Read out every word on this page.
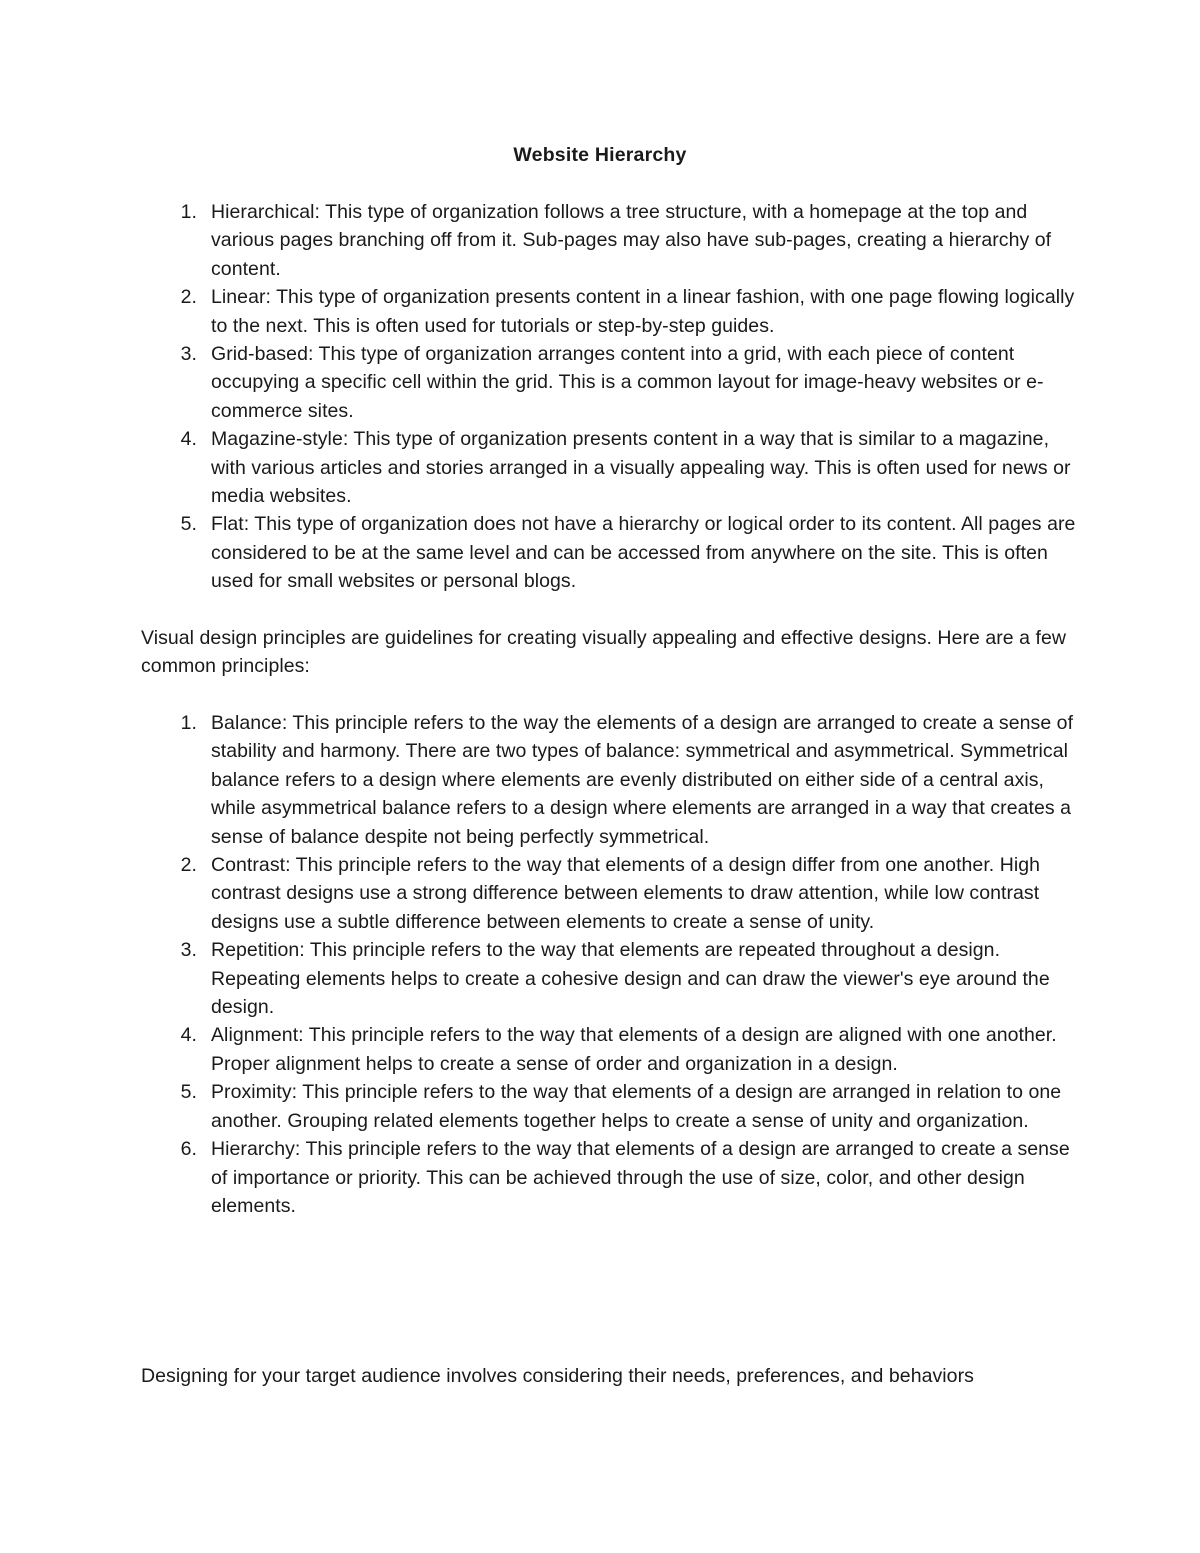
Website Hierarchy
1. Hierarchical: This type of organization follows a tree structure, with a homepage at the top and various pages branching off from it. Sub-pages may also have sub-pages, creating a hierarchy of content.
2. Linear: This type of organization presents content in a linear fashion, with one page flowing logically to the next. This is often used for tutorials or step-by-step guides.
3. Grid-based: This type of organization arranges content into a grid, with each piece of content occupying a specific cell within the grid. This is a common layout for image-heavy websites or e-commerce sites.
4. Magazine-style: This type of organization presents content in a way that is similar to a magazine, with various articles and stories arranged in a visually appealing way. This is often used for news or media websites.
5. Flat: This type of organization does not have a hierarchy or logical order to its content. All pages are considered to be at the same level and can be accessed from anywhere on the site. This is often used for small websites or personal blogs.

Visual design principles are guidelines for creating visually appealing and effective designs. Here are a few common principles:

1. Balance: This principle refers to the way the elements of a design are arranged to create a sense of stability and harmony. There are two types of balance: symmetrical and asymmetrical. Symmetrical balance refers to a design where elements are evenly distributed on either side of a central axis, while asymmetrical balance refers to a design where elements are arranged in a way that creates a sense of balance despite not being perfectly symmetrical.
2. Contrast: This principle refers to the way that elements of a design differ from one another. High contrast designs use a strong difference between elements to draw attention, while low contrast designs use a subtle difference between elements to create a sense of unity.
3. Repetition: This principle refers to the way that elements are repeated throughout a design. Repeating elements helps to create a cohesive design and can draw the viewer's eye around the design.
4. Alignment: This principle refers to the way that elements of a design are aligned with one another. Proper alignment helps to create a sense of order and organization in a design.
5. Proximity: This principle refers to the way that elements of a design are arranged in relation to one another. Grouping related elements together helps to create a sense of unity and organization.
6. Hierarchy: This principle refers to the way that elements of a design are arranged to create a sense of importance or priority. This can be achieved through the use of size, color, and other design elements.

Designing for your target audience involves considering their needs, preferences, and behaviors
